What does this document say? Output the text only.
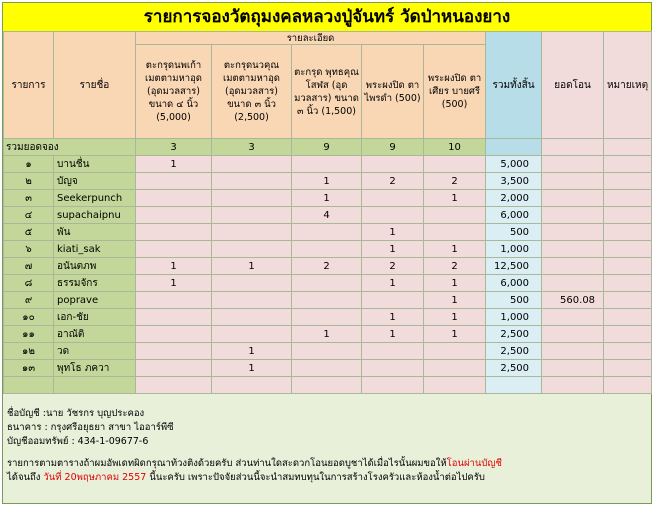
รายการจองวัตถุมงคลหลวงปู่จันทร์ วัดป่าหนองยาง
รายการ	รายชื่อ	รายละเอียด					รวมทั้งสิ้น	ยอดโอน	หมายเหตุ
		ตะกรุดนพเก้า เมตตามหาอุด (อุดมวลสาร) ขนาด ๔ นิ้ว (5,000)	ตะกรุดนวคุณ เมตตามหาอุด (อุดมวลสาร) ขนาด ๓ นิ้ว (2,500)	ตะกรุด พุทธคุณ โสฬส (อุด มวลสาร) ขนาด ๓ นิ้ว (1,500)	พระผงปิด ตาไพรดำ (500)	พระผงปิด ตาเศียร บายศรี (500)			
รวมยอดจอง		3	3	9	9	10			
๑	บานชื่น	1					5,000		
๒	บัญจ			1	2	2	3,500		
๓	Seekerpunch			1		1	2,000		
๔	supachaipnu			4			6,000		
๕	พัน				1		500		
๖	kiati_sak				1	1	1,000		
๗	อนันตภพ	1	1	2	2	2	12,500		
๘	ธรรมจักร	1			1	1	6,000		
๙	poprave					1	500	560.08	
๑๐	เอก-ชัย				1	1	1,000		
๑๑	อาณัติ			1	1	1	2,500		
๑๒	วด		1				2,500		
๑๓	พุทโธ ภควา		1				2,500		

ชื่อบัญชี :นาย วัชรกร บุญประคอง
ธนาคาร : กรุงศรีอยุธยา สาขา ไออาร์พีซี
บัญชีออมทรัพย์ : 434-1-09677-6
รายการตามตารางถ้าผมอัพเดทผิดกรุณาท้วงติงด้วยครับ ส่วนท่านใดสะดวกโอนยอดบูชาได้เมื่อไรนั้นผมขอให้โอนผ่านบัญชี
ได้จนถึง วันที่ 20พฤษภาคม 2557 นี้นะครับ เพราะปัจจัยส่วนนี้จะนำสมทบทุนในการสร้างโรงครัวและห้องน้ำต่อไปครับ
